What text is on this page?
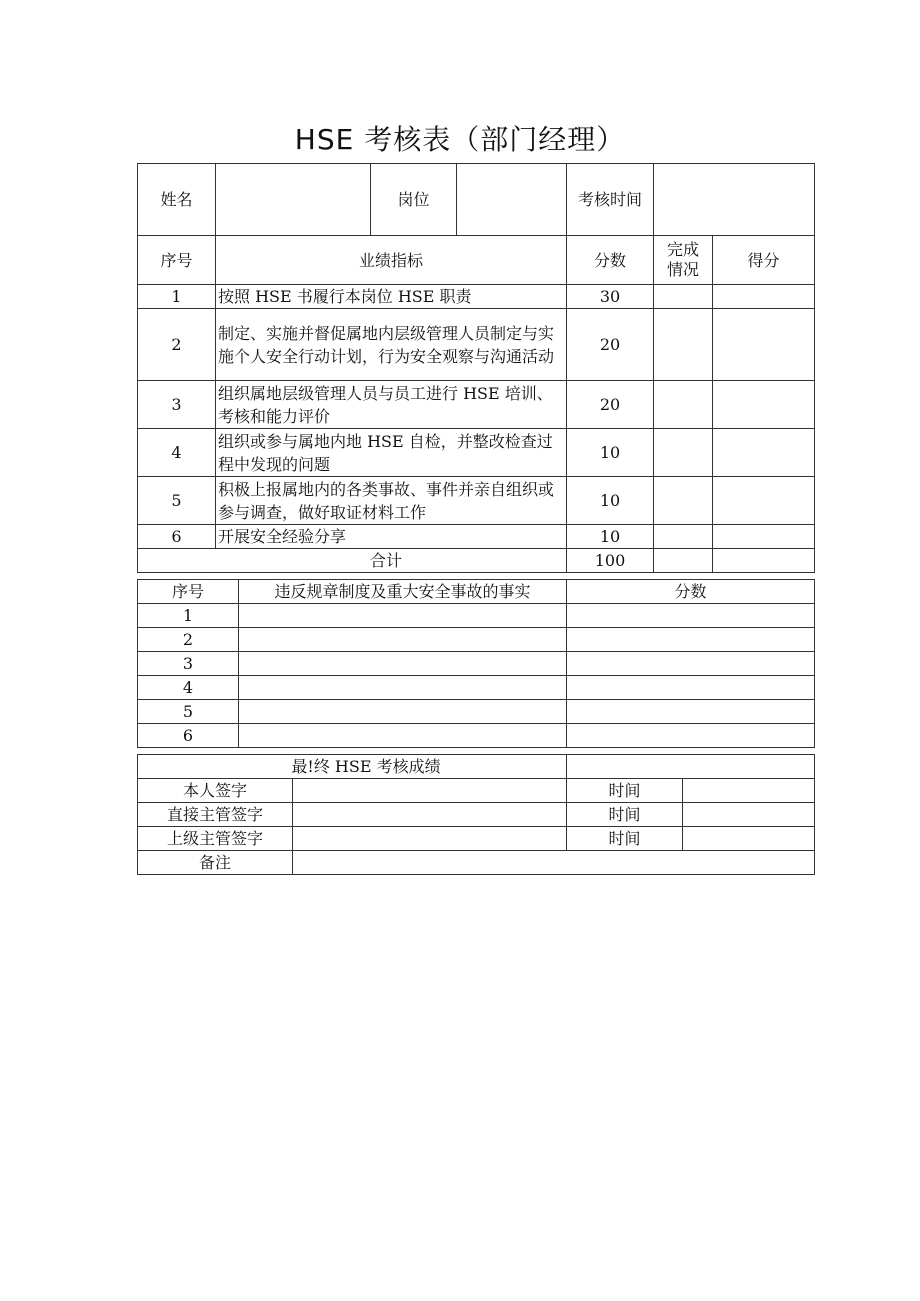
HSE 考核表（部门经理）
姓名		岗位		考核时间		
序号	业绩指标			分数	完成情况	得分
1	按照 HSE 书履行本岗位 HSE 职责			30		
2	制定、实施并督促属地内层级管理人员制定与实施个人安全行动计划，行为安全观察与沟通活动			20		
3	组织属地层级管理人员与员工进行 HSE 培训、考核和能力评价			20		
4	组织或参与属地内地 HSE 自检，并整改检查过程中发现的问题			10		
5	积极上报属地内的各类事故、事件并亲自组织或参与调查，做好取证材料工作			10		
6	开展安全经验分享			10		
合计				100		
序号	违反规章制度及重大安全事故的事实	分数
1		
2		
3		
4		
5		
6		
最!终 HSE 考核成绩			
本人签字		时间	
直接主管签字		时间	
上级主管签字		时间	
备注			
